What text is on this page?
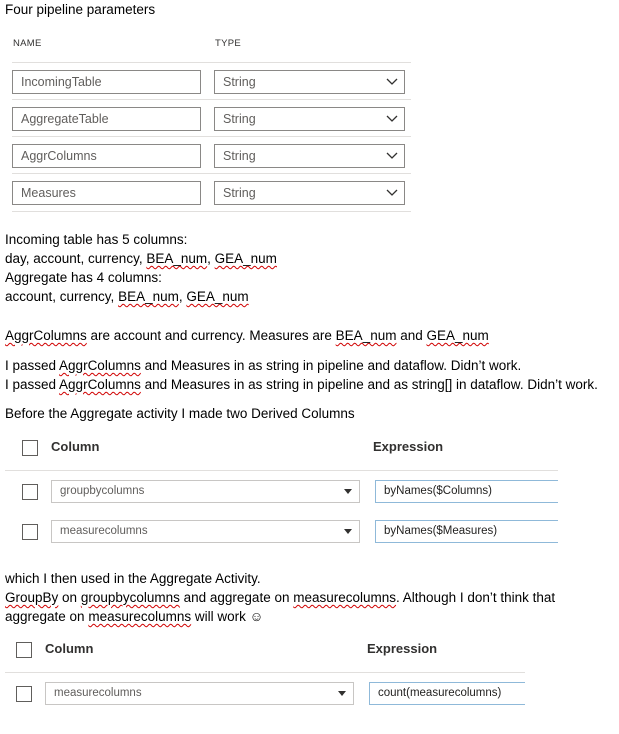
Four pipeline parameters
NAME	TYPE
IncomingTable	String
AggregateTable	String
AggrColumns	String
Measures	String
Incoming table has 5 columns:
day, account, currency, BEA_num, GEA_num
Aggregate has 4 columns:
account, currency, BEA_num, GEA_num
AggrColumns are account and currency. Measures are BEA_num and GEA_num
I passed AggrColumns and Measures in as string in pipeline and dataflow. Didn’t work.
I passed AggrColumns and Measures in as string in pipeline and as string[] in dataflow. Didn’t work.
Before the Aggregate activity I made two Derived Columns
Column	Expression
groupbycolumns	byNames($Columns)
measurecolumns	byNames($Measures)
which I then used in the Aggregate Activity.
GroupBy on groupbycolumns and aggregate on measurecolumns. Although I don’t think that
aggregate on measurecolumns will work ☺
Column	Expression
measurecolumns	count(measurecolumns)
